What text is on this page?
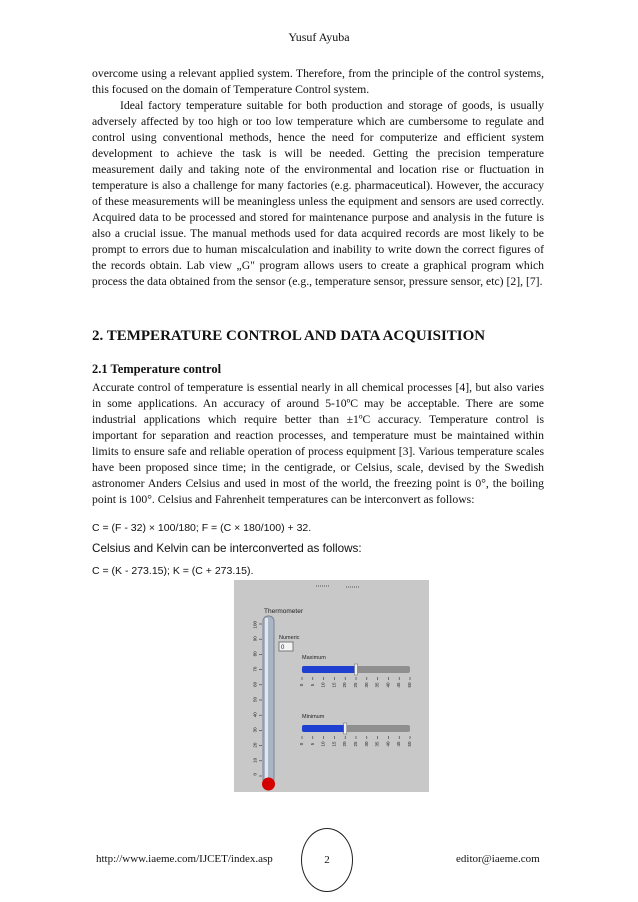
Yusuf Ayuba
overcome using a relevant applied system. Therefore, from the principle of the control systems, this focused on the domain of Temperature Control system.
Ideal factory temperature suitable for both production and storage of goods, is usually adversely affected by too high or too low temperature which are cumbersome to regulate and control using conventional methods, hence the need for computerize and efficient system development to achieve the task is will be needed. Getting the precision temperature measurement daily and taking note of the environmental and location rise or fluctuation in temperature is also a challenge for many factories (e.g. pharmaceutical). However, the accuracy of these measurements will be meaningless unless the equipment and sensors are used correctly. Acquired data to be processed and stored for maintenance purpose and analysis in the future is also a crucial issue. The manual methods used for data acquired records are most likely to be prompt to errors due to human miscalculation and inability to write down the correct figures of the records obtain. Lab view „G" program allows users to create a graphical program which process the data obtained from the sensor (e.g., temperature sensor, pressure sensor, etc) [2], [7].
2. TEMPERATURE CONTROL AND DATA ACQUISITION
2.1 Temperature control
Accurate control of temperature is essential nearly in all chemical processes [4], but also varies in some applications. An accuracy of around 5-10ºC may be acceptable. There are some industrial applications which require better than ±1ºC accuracy. Temperature control is important for separation and reaction processes, and temperature must be maintained within limits to ensure safe and reliable operation of process equipment [3]. Various temperature scales have been proposed since time; in the centigrade, or Celsius, scale, devised by the Swedish astronomer Anders Celsius and used in most of the world, the freezing point is 0°, the boiling point is 100°. Celsius and Fahrenheit temperatures can be interconvert as follows:
C = (F - 32) × 100/180; F = (C × 180/100) + 32.
Celsius and Kelvin can be interconverted as follows:
C = (K - 273.15); K = (C + 273.15).
Thermometer
100
90
80
70
60
50
40
30
20
10
0
Numeric
0
Maximum
0 5 10 15 20 25 30 35 40 45 50
Minimum
0 5 10 15 20 25 30 35 40 45 50
http://www.iaeme.com/IJCET/index.asp	2	editor@iaeme.com
